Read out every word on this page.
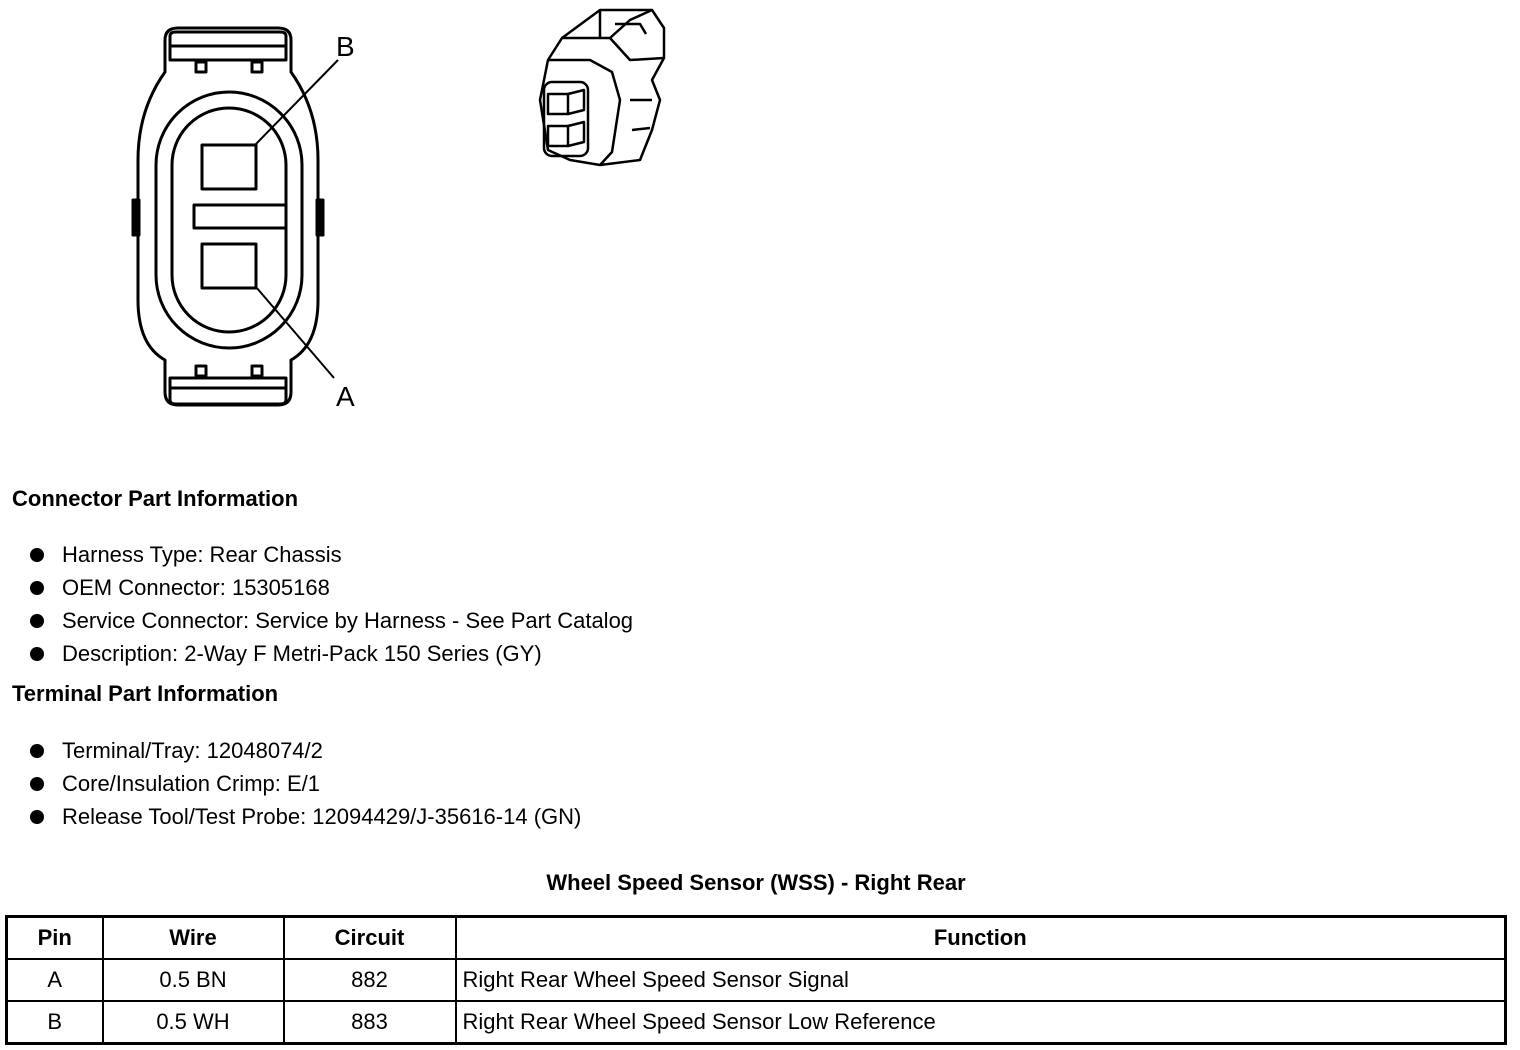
B
A
Connector Part Information
Harness Type: Rear Chassis
OEM Connector: 15305168
Service Connector: Service by Harness - See Part Catalog
Description: 2-Way F Metri-Pack 150 Series (GY)
Terminal Part Information
Terminal/Tray: 12048074/2
Core/Insulation Crimp: E/1
Release Tool/Test Probe: 12094429/J-35616-14 (GN)
Wheel Speed Sensor (WSS) - Right Rear
Pin	Wire	Circuit	Function
A	0.5 BN	882	Right Rear Wheel Speed Sensor Signal
B	0.5 WH	883	Right Rear Wheel Speed Sensor Low Reference
